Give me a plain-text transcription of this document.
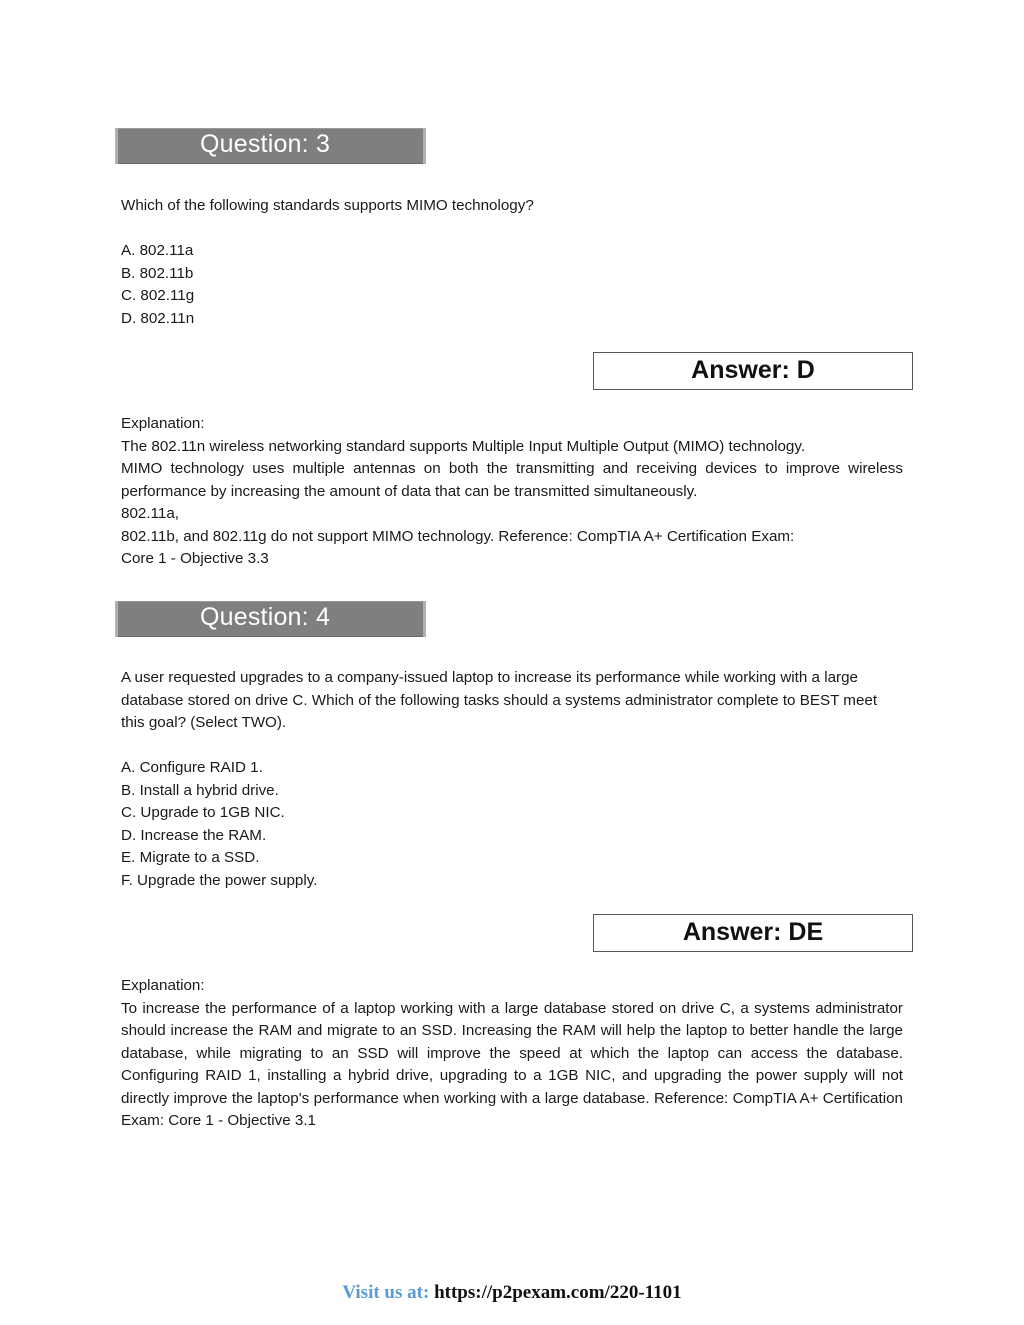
Question: 3

Which of the following standards supports MIMO technology?

A. 802.11a
B. 802.11b
C. 802.11g
D. 802.11n
Answer: D

Explanation:

The 802.11n wireless networking standard supports Multiple Input Multiple Output (MIMO) technology.

MIMO technology uses multiple antennas on both the transmitting and receiving devices to improve wireless performance by increasing the amount of data that can be transmitted simultaneously.

802.11a,

802.11b, and 802.11g do not support MIMO technology. Reference: CompTIA A+ Certification Exam:

Core 1 - Objective 3.3

Question: 4

A user requested upgrades to a company-issued laptop to increase its performance while working with a large database stored on drive C. Which of the following tasks should a systems administrator complete to BEST meet this goal? (Select TWO).

A. Configure RAID 1.
B. Install a hybrid drive.
C. Upgrade to 1GB NIC.
D. Increase the RAM.
E. Migrate to a SSD.
F. Upgrade the power supply.
Answer: DE

Explanation:

To increase the performance of a laptop working with a large database stored on drive C, a systems administrator should increase the RAM and migrate to an SSD. Increasing the RAM will help the laptop to better handle the large database, while migrating to an SSD will improve the speed at which the laptop can access the database. Configuring RAID 1, installing a hybrid drive, upgrading to a 1GB NIC, and upgrading the power supply will not directly improve the laptop's performance when working with a large database. Reference: CompTIA A+ Certification Exam: Core 1 - Objective 3.1

Visit us at: https://p2pexam.com/220-1101
